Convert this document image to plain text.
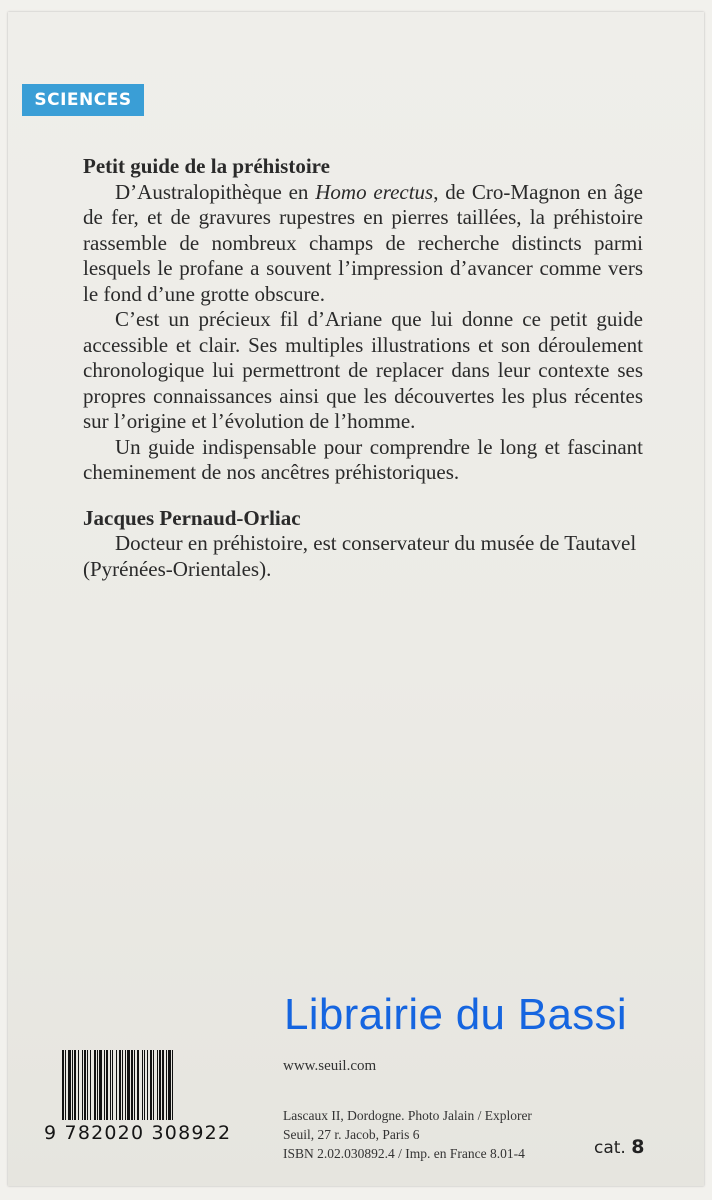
SCIENCES

Petit guide de la préhistoire

D’Australopithèque en Homo erectus, de Cro-Magnon en âge de fer, et de gravures rupestres en pierres taillées, la préhistoire rassemble de nombreux champs de recherche distincts parmi lesquels le profane a souvent l’impression d’avancer comme vers le fond d’une grotte obscure.

C’est un précieux fil d’Ariane que lui donne ce petit guide accessible et clair. Ses multiples illustrations et son déroulement chronologique lui permettront de replacer dans leur contexte ses propres connaissances ainsi que les découvertes les plus récentes sur l’origine et l’évolution de l’homme.

Un guide indispensable pour comprendre le long et fascinant cheminement de nos ancêtres préhistoriques.

Jacques Pernaud-Orliac

Docteur en préhistoire, est conservateur du musée de Tautavel (Pyrénées-Orientales).

www.seuil.com
Lascaux II, Dordogne. Photo Jalain / Explorer
Seuil, 27 r. Jacob, Paris 6
ISBN 2.02.030892.4 / Imp. en France 8.01-4	cat. 8
9 782020 308922
Librairie du Bassi
